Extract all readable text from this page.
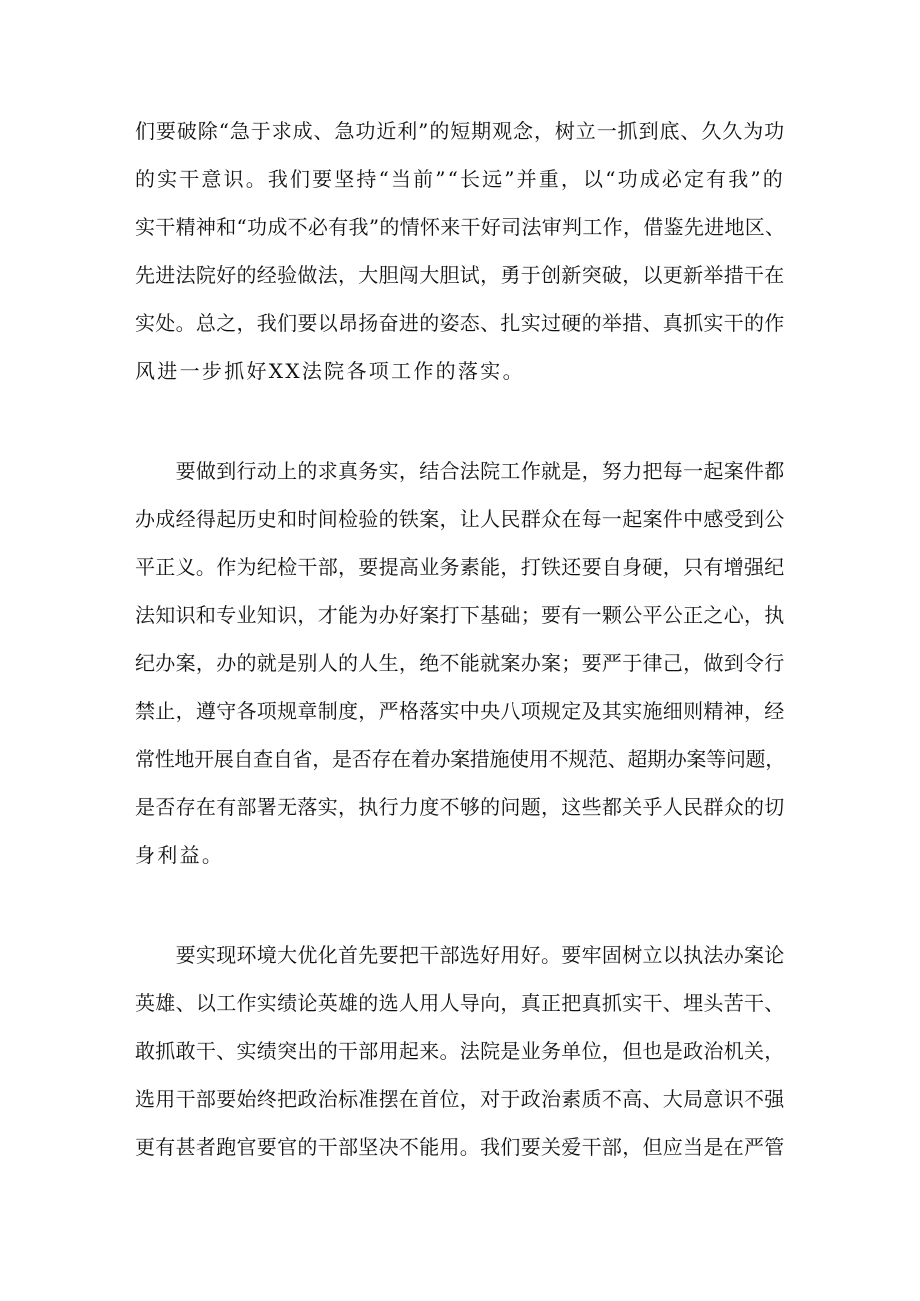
们要破除“急于求成、急功近利”的短期观念，树立一抓到底、久久为功
的实干意识。我们要坚持“当前”“长远”并重，以“功成必定有我”的
实干精神和“功成不必有我”的情怀来干好司法审判工作，借鉴先进地区、
先进法院好的经验做法，大胆闯大胆试，勇于创新突破，以更新举措干在
实处。总之，我们要以昂扬奋进的姿态、扎实过硬的举措、真抓实干的作
风进一步抓好XX法院各项工作的落实。
　　要做到行动上的求真务实，结合法院工作就是，努力把每一起案件都
办成经得起历史和时间检验的铁案，让人民群众在每一起案件中感受到公
平正义。作为纪检干部，要提高业务素能，打铁还要自身硬，只有增强纪
法知识和专业知识，才能为办好案打下基础；要有一颗公平公正之心，执
纪办案，办的就是别人的人生，绝不能就案办案；要严于律己，做到令行
禁止，遵守各项规章制度，严格落实中央八项规定及其实施细则精神，经
常性地开展自查自省，是否存在着办案措施使用不规范、超期办案等问题，
是否存在有部署无落实，执行力度不够的问题，这些都关乎人民群众的切
身利益。
　　要实现环境大优化首先要把干部选好用好。要牢固树立以执法办案论
英雄、以工作实绩论英雄的选人用人导向，真正把真抓实干、埋头苦干、
敢抓敢干、实绩突出的干部用起来。法院是业务单位，但也是政治机关，
选用干部要始终把政治标准摆在首位，对于政治素质不高、大局意识不强
更有甚者跑官要官的干部坚决不能用。我们要关爱干部，但应当是在严管
